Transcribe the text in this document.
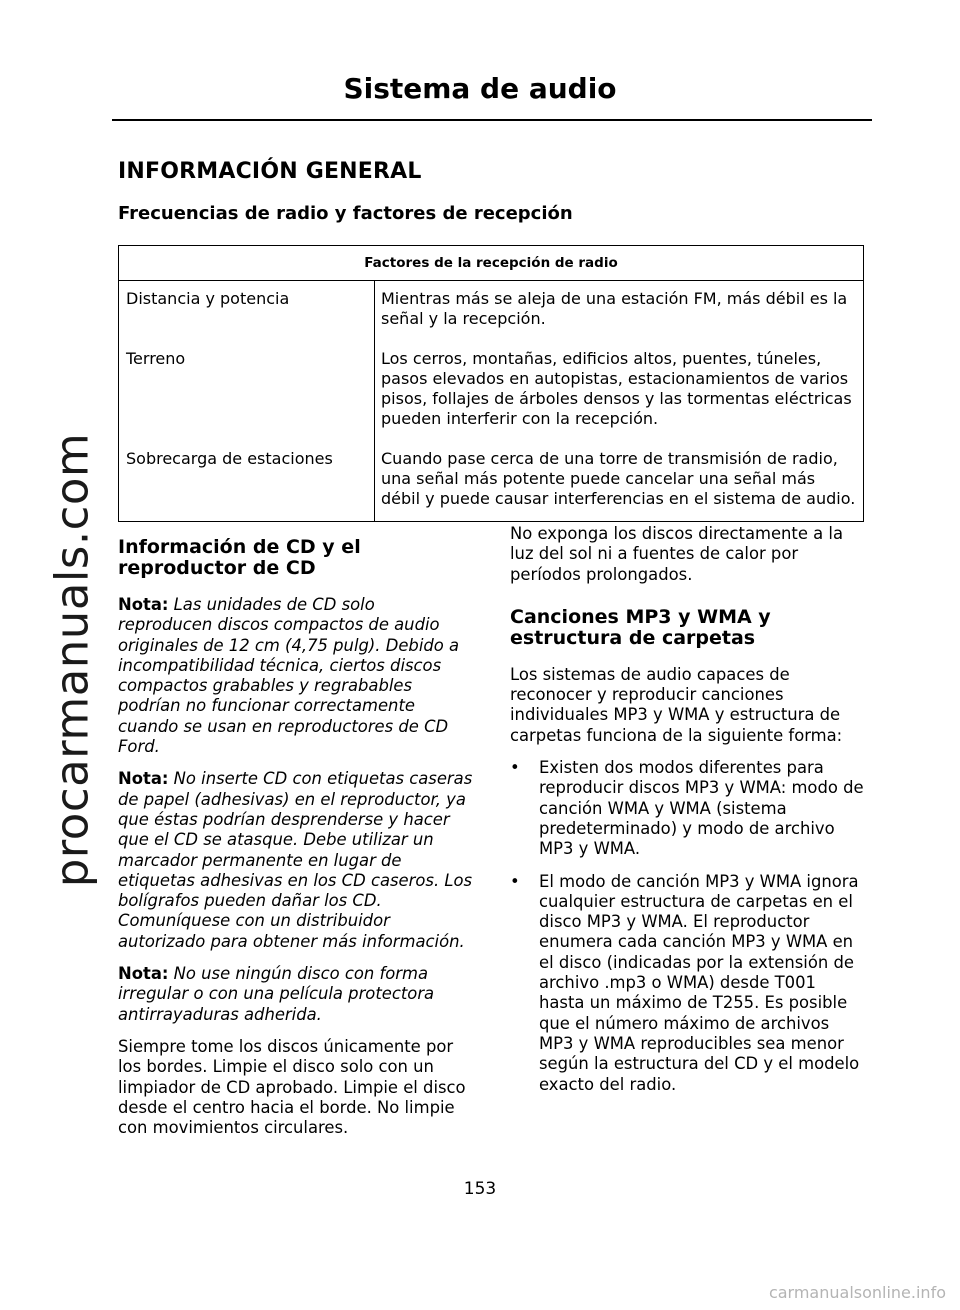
procarmanuals.com
Sistema de audio
INFORMACIÓN GENERAL
Frecuencias de radio y factores de recepción
Factores de la recepción de radio	
Distancia y potencia	Mientras más se aleja de una estación FM, más débil es la señal y la recepción.
Terreno	Los cerros, montañas, edificios altos, puentes, túneles, pasos elevados en autopistas, estacionamientos de varios pisos, follajes de árboles densos y las tormentas eléctricas pueden interferir con la recepción.
Sobrecarga de estaciones	Cuando pase cerca de una torre de transmisión de radio, una señal más potente puede cancelar una señal más débil y puede causar interferencias en el sistema de audio.
Información de CD y el reproductor de CD

Nota: Las unidades de CD solo reproducen discos compactos de audio originales de 12 cm (4,75 pulg). Debido a incompatibilidad técnica, ciertos discos compactos grabables y regrabables podrían no funcionar correctamente cuando se usan en reproductores de CD Ford.

Nota: No inserte CD con etiquetas caseras de papel (adhesivas) en el reproductor, ya que éstas podrían desprenderse y hacer que el CD se atasque. Debe utilizar un marcador permanente en lugar de etiquetas adhesivas en los CD caseros. Los bolígrafos pueden dañar los CD. Comuníquese con un distribuidor autorizado para obtener más información.

Nota: No use ningún disco con forma irregular o con una película protectora antirrayaduras adherida.

Siempre tome los discos únicamente por los bordes. Limpie el disco solo con un limpiador de CD aprobado. Limpie el disco desde el centro hacia el borde. No limpie con movimientos circulares.

No exponga los discos directamente a la luz del sol ni a fuentes de calor por períodos prolongados.

Canciones MP3 y WMA y estructura de carpetas

Los sistemas de audio capaces de reconocer y reproducir canciones individuales MP3 y WMA y estructura de carpetas funciona de la siguiente forma:

• Existen dos modos diferentes para reproducir discos MP3 y WMA: modo de canción WMA y WMA (sistema predeterminado) y modo de archivo MP3 y WMA.
• El modo de canción MP3 y WMA ignora cualquier estructura de carpetas en el disco MP3 y WMA. El reproductor enumera cada canción MP3 y WMA en el disco (indicadas por la extensión de archivo .mp3 o WMA) desde T001 hasta un máximo de T255. Es posible que el número máximo de archivos MP3 y WMA reproducibles sea menor según la estructura del CD y el modelo exacto del radio.
153
carmanualsonline.info
